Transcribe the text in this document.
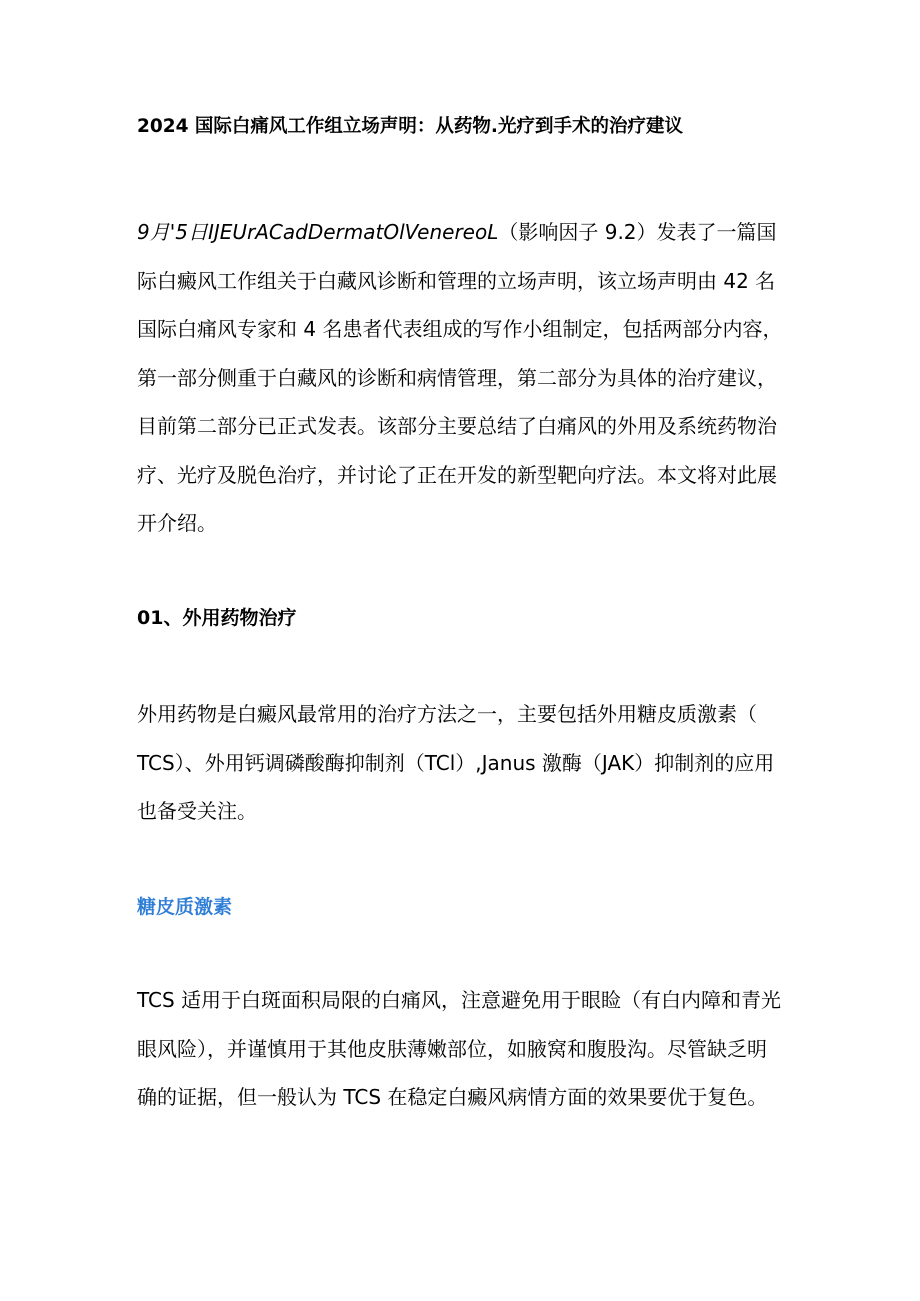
2024 国际白痛风工作组立场声明：从药物.光疗到手术的治疗建议
9月'5日IJEUrACadDermatOlVenereoL（影响因子 9.2）发表了一篇国
际白癜风工作组关于白藏风诊断和管理的立场声明，该立场声明由 42 名
国际白痛风专家和 4 名患者代表组成的写作小组制定，包括两部分内容，
第一部分侧重于白藏风的诊断和病情管理，第二部分为具体的治疗建议，
目前第二部分已正式发表。该部分主要总结了白痛风的外用及系统药物治
疗、光疗及脱色治疗，并讨论了正在开发的新型靶向疗法。本文将对此展
开介绍。
01、外用药物治疗
外用药物是白癜风最常用的治疗方法之一，主要包括外用糖皮质激素（
TCS）、外用钙调磷酸酶抑制剂（TCl）,Janus 激酶（JAK）抑制剂的应用
也备受关注。
糖皮质激素
TCS 适用于白斑面积局限的白痛风，注意避免用于眼睑（有白内障和青光
眼风险），并谨慎用于其他皮肤薄嫩部位，如腋窝和腹股沟。尽管缺乏明
确的证据，但一般认为 TCS 在稳定白癜风病情方面的效果要优于复色。
